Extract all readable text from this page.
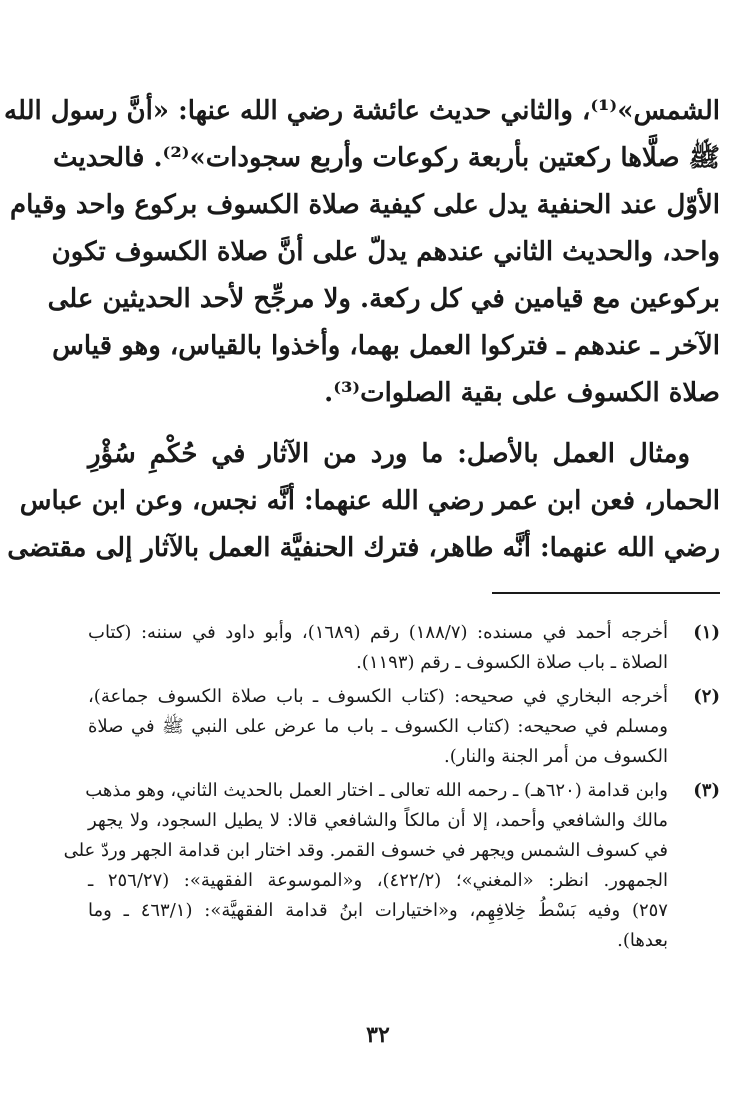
الشمس»⁽¹⁾، والثاني حديث عائشة رضي الله عنها: «أنَّ رسول الله
ﷺ صلَّاها ركعتين بأربعة ركوعات وأربع سجودات»⁽²⁾. فالحديث
الأوّل عند الحنفية يدل على كيفية صلاة الكسوف بركوع واحد وقيام
واحد، والحديث الثاني عندهم يدلّ على أنَّ صلاة الكسوف تكون
بركوعين مع قيامين في كل ركعة. ولا مرجِّح لأحد الحديثين على
الآخر ـ عندهم ـ فتركوا العمل بهما، وأخذوا بالقياس، وهو قياس
صلاة الكسوف على بقية الصلوات⁽³⁾.
ومثال العمل بالأصل: ما ورد من الآثار في حُكْمِ سُؤْرِ
الحمار، فعن ابن عمر رضي الله عنهما: أنَّه نجس، وعن ابن عباس
رضي الله عنهما: أنَّه طاهر، فترك الحنفيَّة العمل بالآثار إلى مقتضى
(١)
أخرجه أحمد في مسنده: (١٨٨/٧) رقم (١٦٨٩)، وأبو داود في سننه: (كتاب
الصلاة ـ باب صلاة الكسوف ـ رقم (١١٩٣).
(٢)
أخرجه البخاري في صحيحه: (كتاب الكسوف ـ باب صلاة الكسوف جماعة)،
ومسلم في صحيحه: (كتاب الكسوف ـ باب ما عرض على النبي ﷺ في صلاة
الكسوف من أمر الجنة والنار).
(٣)
وابن قدامة (٦٢٠هـ) ـ رحمه الله تعالى ـ اختار العمل بالحديث الثاني، وهو مذهب
مالك والشافعي وأحمد، إلا أن مالكاً والشافعي قالا: لا يطيل السجود، ولا يجهر
في كسوف الشمس ويجهر في خسوف القمر. وقد اختار ابن قدامة الجهر وردّ على
الجمهور. انظر: «المغني»؛ (٤٢٢/٢)، و«الموسوعة الفقهية»: (٢٥٦/٢٧ ـ
٢٥٧) وفيه بَسْطُ خِلافِهِم، و«اختيارات ابنُ قدامة الفقهيَّة»: (٤٦٣/١ ـ وما
بعدها).
٣٢
